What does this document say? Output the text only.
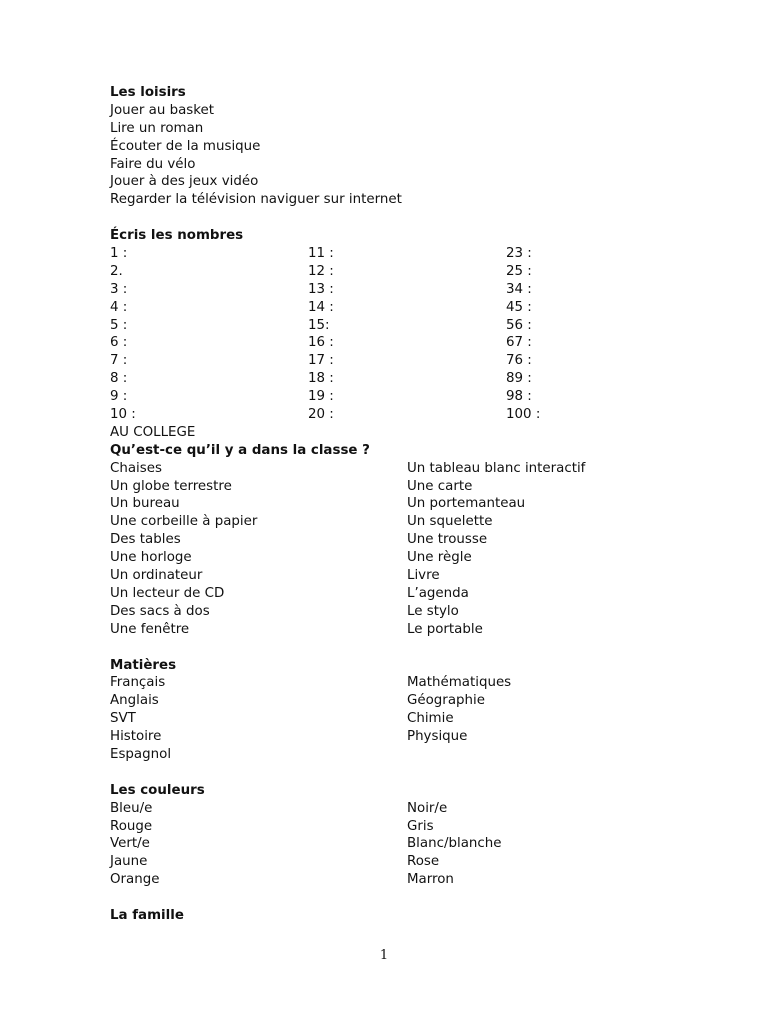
Les loisirs
Jouer au basket
Lire un roman
Écouter de la musique
Faire du vélo
Jouer à des jeux vidéo
Regarder la télévision naviguer sur internet
Écris les nombres
1 :
2.
3 :
4 :
5 :
6 :
7 :
8 :
9 :
10 :
11 :
12 :
13 :
14 :
15:
16 :
17 :
18 :
19 :
20 :
23 :
25 :
34 :
45 :
56 :
67 :
76 :
89 :
98 :
100 :
AU COLLEGE
Qu’est-ce qu’il y a dans la classe ?
Chaises
Un globe terrestre
Un bureau
Une corbeille à papier
Des tables
Une horloge
Un ordinateur
Un lecteur de CD
Des sacs à dos
Une fenêtre
Un tableau blanc interactif
Une carte
Un portemanteau
Un squelette
Une trousse
Une règle
Livre
L’agenda
Le stylo
Le portable
Matières
Français
Anglais
SVT
Histoire
Espagnol
Mathématiques
Géographie
Chimie
Physique
Les couleurs
Bleu/e
Rouge
Vert/e
Jaune
Orange
Noir/e
Gris
Blanc/blanche
Rose
Marron
La famille
1
